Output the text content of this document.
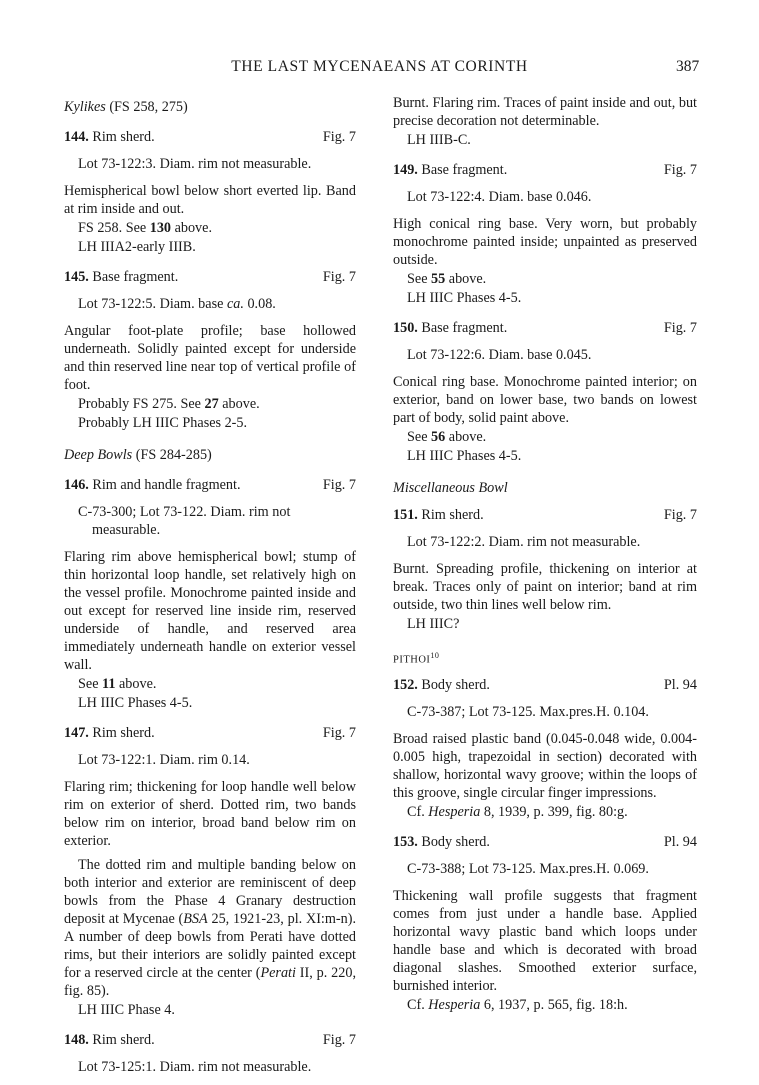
THE LAST MYCENAEANS AT CORINTH	387
Kylikes (FS 258, 275)
144. Rim sherd.	Fig. 7

Lot 73-122:3. Diam. rim not measurable.

Hemispherical bowl below short everted lip. Band at rim inside and out.

FS 258. See 130 above.

LH IIIA2-early IIIB.

145. Base fragment.	Fig. 7

Lot 73-122:5. Diam. base ca. 0.08.

Angular foot-plate profile; base hollowed underneath. Solidly painted except for underside and thin reserved line near top of vertical profile of foot.

Probably FS 275. See 27 above.

Probably LH IIIC Phases 2-5.

Deep Bowls (FS 284-285)
146. Rim and handle fragment.	Fig. 7

C-73-300; Lot 73-122. Diam. rim not measurable.

Flaring rim above hemispherical bowl; stump of thin horizontal loop handle, set relatively high on the vessel profile. Monochrome painted inside and out except for reserved line inside rim, reserved underside of handle, and reserved area immediately underneath handle on exterior vessel wall.

See 11 above.

LH IIIC Phases 4-5.

147. Rim sherd.	Fig. 7

Lot 73-122:1. Diam. rim 0.14.

Flaring rim; thickening for loop handle well below rim on exterior of sherd. Dotted rim, two bands below rim on interior, broad band below rim on exterior.

The dotted rim and multiple banding below on both interior and exterior are reminiscent of deep bowls from the Phase 4 Granary destruction deposit at Mycenae (BSA 25, 1921-23, pl. XI:m-n). A number of deep bowls from Perati have dotted rims, but their interiors are solidly painted except for a reserved circle at the center (Perati II, p. 220, fig. 85).

LH IIIC Phase 4.

148. Rim sherd.	Fig. 7

Lot 73-125:1. Diam. rim not measurable.

Burnt. Flaring rim. Traces of paint inside and out, but precise decoration not determinable.

LH IIIB-C.

149. Base fragment.	Fig. 7

Lot 73-122:4. Diam. base 0.046.

High conical ring base. Very worn, but probably monochrome painted inside; unpainted as preserved outside.

See 55 above.

LH IIIC Phases 4-5.

150. Base fragment.	Fig. 7

Lot 73-122:6. Diam. base 0.045.

Conical ring base. Monochrome painted interior; on exterior, band on lower base, two bands on lowest part of body, solid paint above.

See 56 above.

LH IIIC Phases 4-5.

Miscellaneous Bowl
151. Rim sherd.	Fig. 7

Lot 73-122:2. Diam. rim not measurable.

Burnt. Spreading profile, thickening on interior at break. Traces only of paint on interior; band at rim outside, two thin lines well below rim.

LH IIIC?

PITHOI$^{10}$
152. Body sherd.	Pl. 94

C-73-387; Lot 73-125. Max.pres.H. 0.104.

Broad raised plastic band (0.045-0.048 wide, 0.004-0.005 high, trapezoidal in section) decorated with shallow, horizontal wavy groove; within the loops of this groove, single circular finger impressions.

Cf. Hesperia 8, 1939, p. 399, fig. 80:g.

153. Body sherd.	Pl. 94

C-73-388; Lot 73-125. Max.pres.H. 0.069.

Thickening wall profile suggests that fragment comes from just under a handle base. Applied horizontal wavy plastic band which loops under handle base and which is decorated with broad diagonal slashes. Smoothed exterior surface, burnished interior.

Cf. Hesperia 6, 1937, p. 565, fig. 18:h.
